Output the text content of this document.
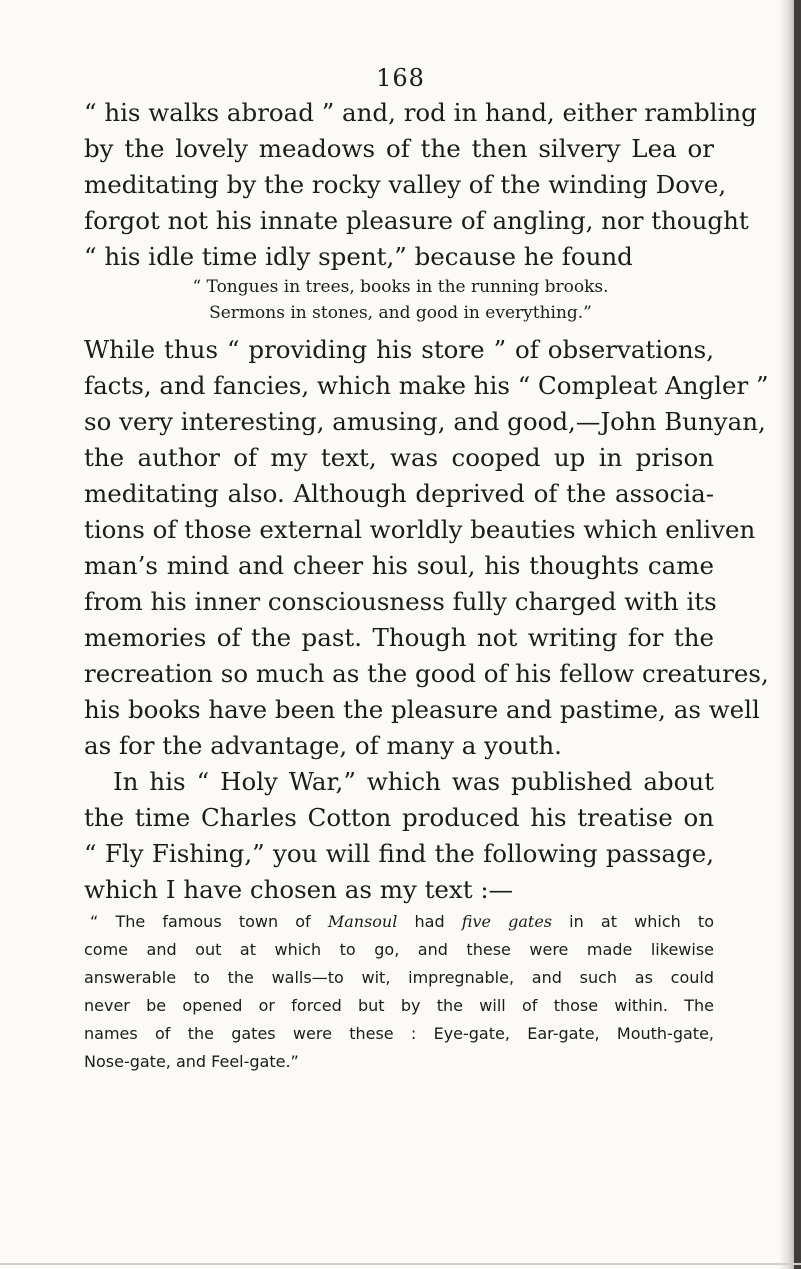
168
“ his walks abroad ” and, rod in hand, either rambling
by the lovely meadows of the then silvery Lea or
meditating by the rocky valley of the winding Dove,
forgot not his innate pleasure of angling, nor thought
“ his idle time idly spent,” because he found
“ Tongues in trees, books in the running brooks.
Sermons in stones, and good in everything.”
While thus “ providing his store ” of observations,
facts, and fancies, which make his “ Compleat Angler ”
so very interesting, amusing, and good,—John Bunyan,
the author of my text, was cooped up in prison
meditating also. Although deprived of the associa-
tions of those external worldly beauties which enliven
man’s mind and cheer his soul, his thoughts came
from his inner consciousness fully charged with its
memories of the past. Though not writing for the
recreation so much as the good of his fellow creatures,
his books have been the pleasure and pastime, as well
as for the advantage, of many a youth.
In his “ Holy War,” which was published about
the time Charles Cotton produced his treatise on
“ Fly Fishing,” you will find the following passage,
which I have chosen as my text :—
“ The famous town of Mansoul had five gates in at which to
come and out at which to go, and these were made likewise
answerable to the walls—to wit, impregnable, and such as could
never be opened or forced but by the will of those within. The
names of the gates were these : Eye-gate, Ear-gate, Mouth-gate,
Nose-gate, and Feel-gate.”
